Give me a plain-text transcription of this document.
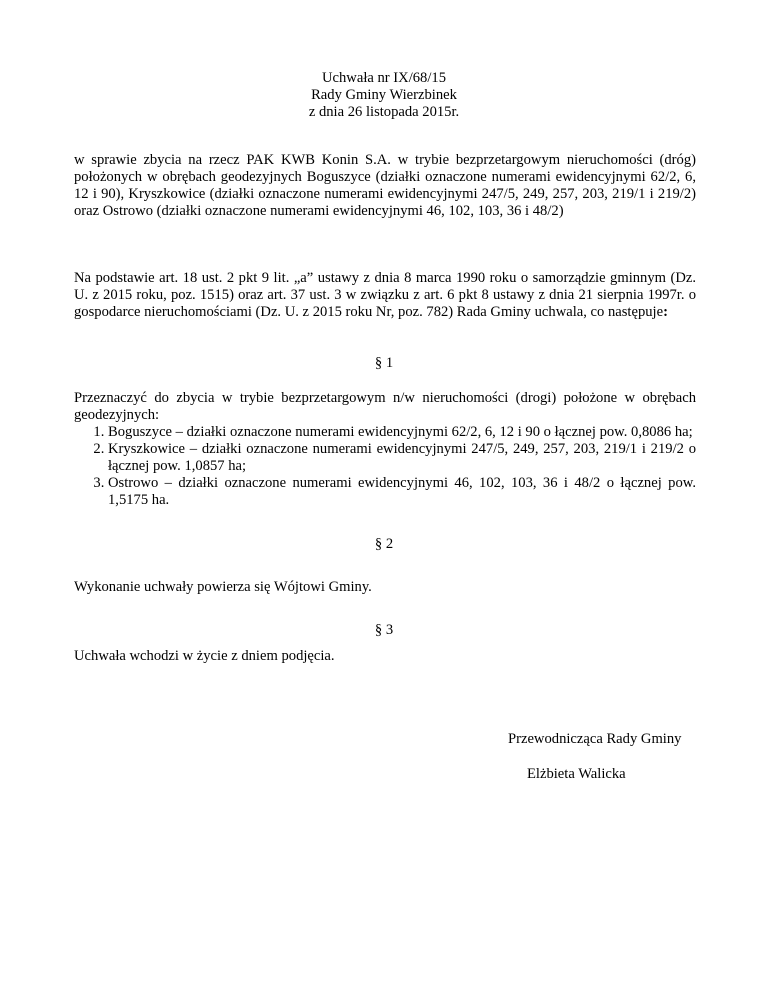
Uchwała nr IX/68/15
Rady Gminy Wierzbinek
z dnia 26 listopada 2015r.
w sprawie zbycia na rzecz PAK KWB Konin S.A. w trybie bezprzetargowym nieruchomości (dróg) położonych w obrębach geodezyjnych Boguszyce (działki oznaczone numerami ewidencyjnymi 62/2, 6, 12 i 90), Kryszkowice (działki oznaczone numerami ewidencyjnymi 247/5, 249, 257, 203, 219/1 i 219/2) oraz Ostrowo (działki oznaczone numerami ewidencyjnymi 46, 102, 103, 36 i 48/2)
Na podstawie art. 18 ust. 2 pkt 9 lit. „a” ustawy z dnia 8 marca 1990 roku o samorządzie gminnym (Dz. U. z 2015 roku, poz. 1515) oraz art. 37 ust. 3 w związku z art. 6 pkt 8 ustawy z dnia 21 sierpnia 1997r. o gospodarce nieruchomościami (Dz. U. z 2015 roku Nr, poz. 782) Rada Gminy uchwala, co następuje:
§ 1
Przeznaczyć do zbycia w trybie bezprzetargowym n/w nieruchomości (drogi) położone w obrębach geodezyjnych:
1. Boguszyce – działki oznaczone numerami ewidencyjnymi 62/2, 6, 12 i 90 o łącznej pow. 0,8086 ha;
2. Kryszkowice – działki oznaczone numerami ewidencyjnymi 247/5, 249, 257, 203, 219/1 i 219/2 o łącznej pow. 1,0857 ha;
3. Ostrowo – działki oznaczone numerami ewidencyjnymi 46, 102, 103, 36 i 48/2 o łącznej pow. 1,5175 ha.
§ 2
Wykonanie uchwały powierza się Wójtowi Gminy.
§ 3
Uchwała wchodzi w życie z dniem podjęcia.
Przewodnicząca Rady Gminy
Elżbieta Walicka
